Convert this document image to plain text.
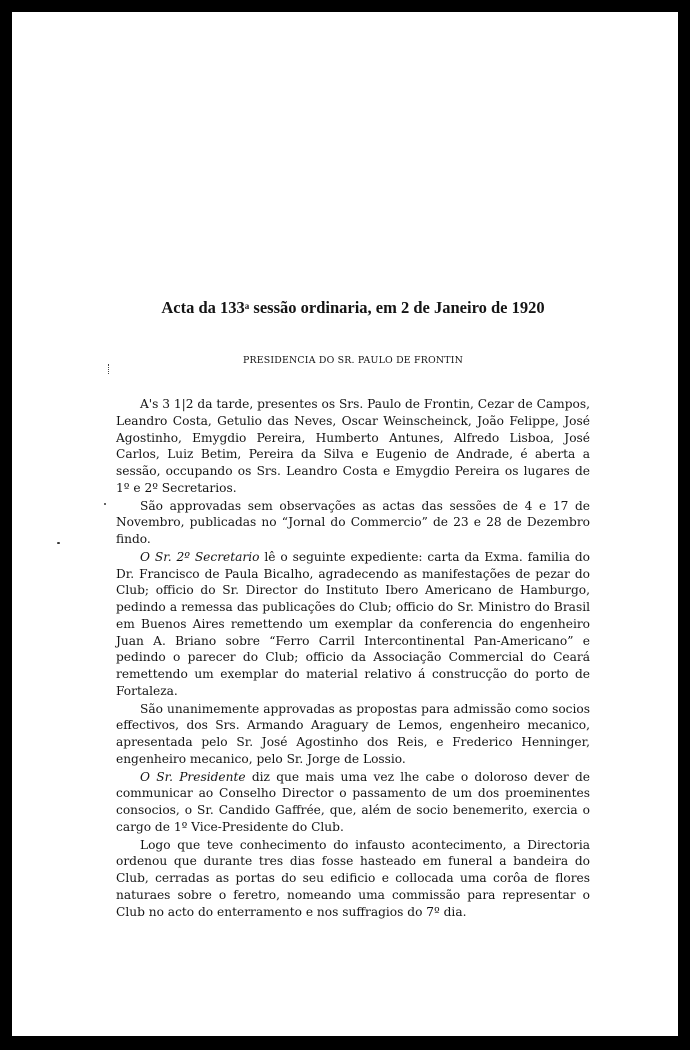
Acta da 133$^a$ sessão ordinaria, em 2 de Janeiro de 1920
PRESIDENCIA DO SR. PAULO DE FRONTIN

A's 3 1|2 da tarde, presentes os Srs. Paulo de Frontin, Cezar de Campos, Leandro Costa, Getulio das Neves, Oscar Weinscheinck, João Felippe, José Agostinho, Emygdio Pereira, Humberto Antunes, Alfredo Lisboa, José Carlos, Luiz Betim, Pereira da Silva e Eugenio de Andrade, é aberta a sessão, occupando os Srs. Leandro Costa e Emygdio Pereira os lugares de 1º e 2º Secretarios.

São approvadas sem observações as actas das sessões de 4 e 17 de Novembro, publicadas no “Jornal do Commercio” de 23 e 28 de Dezembro findo.

O Sr. 2º Secretario lê o seguinte expediente: carta da Exma. familia do Dr. Francisco de Paula Bicalho, agradecendo as manifestações de pezar do Club; officio do Sr. Director do Instituto Ibero Americano de Hamburgo, pedindo a remessa das publicações do Club; officio do Sr. Ministro do Brasil em Buenos Aires remettendo um exemplar da conferencia do engenheiro Juan A. Briano sobre “Ferro Carril Intercontinental Pan-Americano” e pedindo o parecer do Club; officio da Associação Commercial do Ceará remettendo um exemplar do material relativo á construcção do porto de Fortaleza.

São unanimemente approvadas as propostas para admissão como socios effectivos, dos Srs. Armando Araguary de Lemos, engenheiro mecanico, apresentada pelo Sr. José Agostinho dos Reis, e Frederico Henninger, engenheiro mecanico, pelo Sr. Jorge de Lossio.

O Sr. Presidente diz que mais uma vez lhe cabe o doloroso dever de communicar ao Conselho Director o passamento de um dos proeminentes consocios, o Sr. Candido Gaffrée, que, além de socio benemerito, exercia o cargo de 1º Vice-Presidente do Club.

Logo que teve conhecimento do infausto acontecimento, a Directoria ordenou que durante tres dias fosse hasteado em funeral a bandeira do Club, cerradas as portas do seu edificio e collocada uma corôa de flores naturaes sobre o feretro, nomeando uma commissão para representar o Club no acto do enterramento e nos suffragios do 7º dia.
